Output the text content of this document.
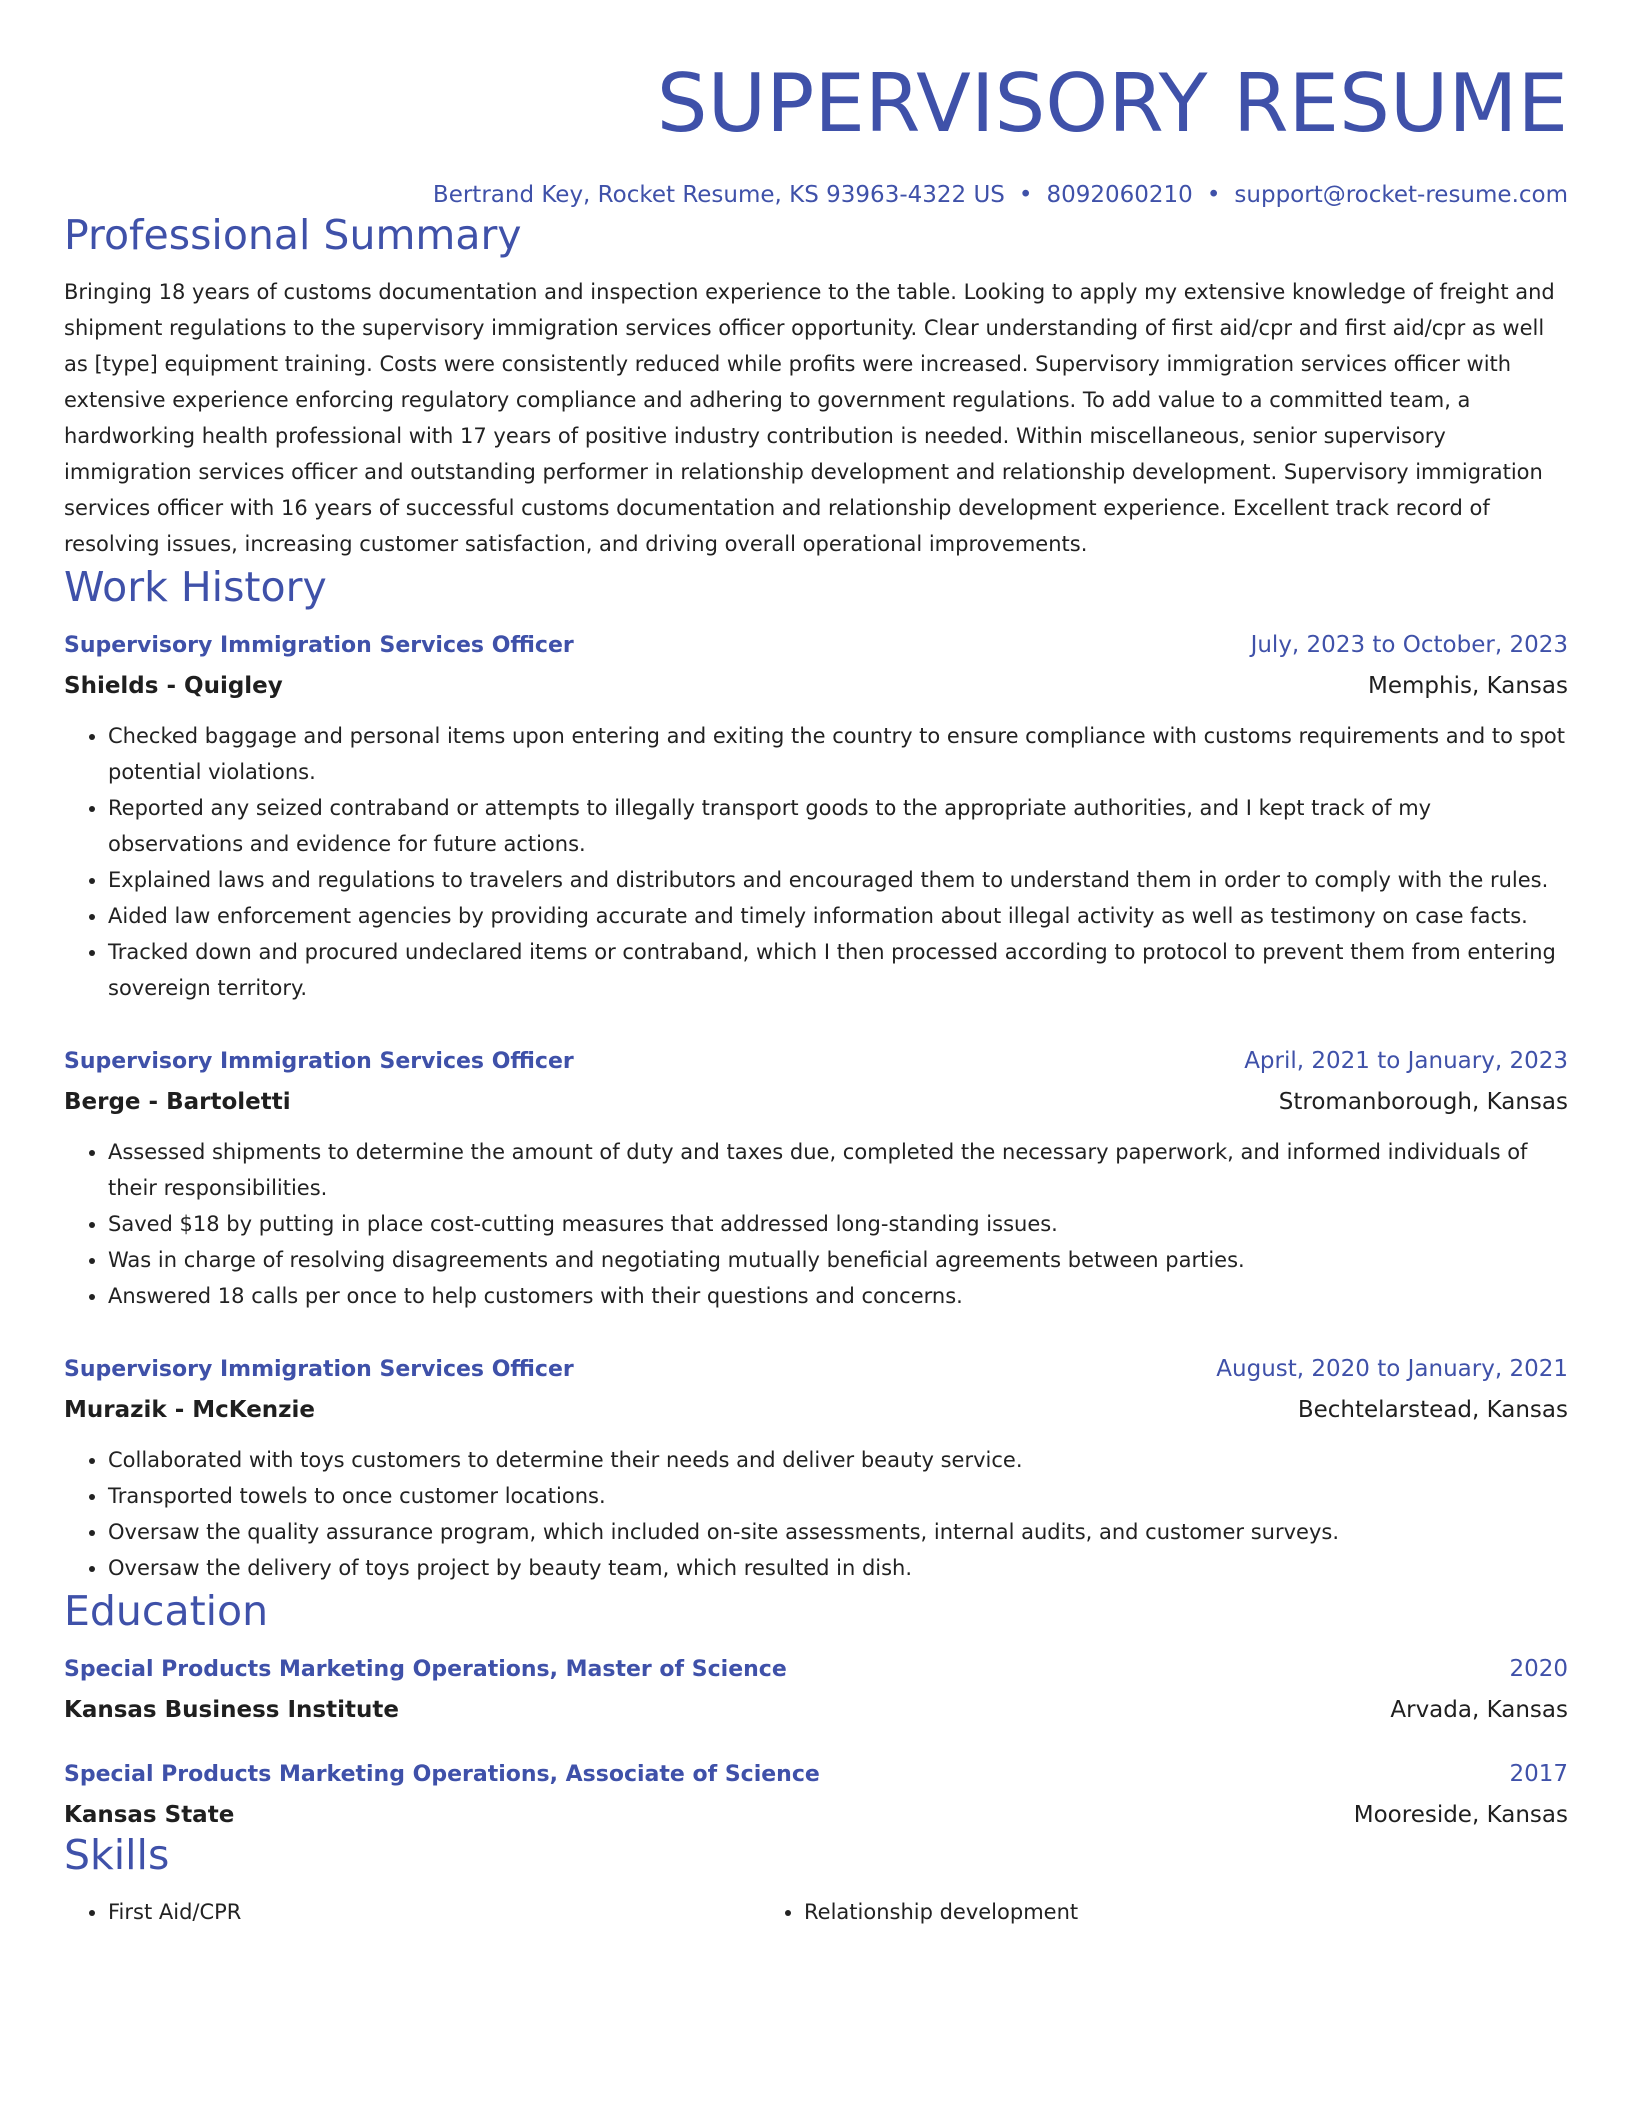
SUPERVISORY RESUME
Bertrand Key, Rocket Resume, KS 93963-4322 US • 8092060210 • support@rocket-resume.com
Professional Summary
Bringing 18 years of customs documentation and inspection experience to the table. Looking to apply my extensive knowledge of freight and shipment regulations to the supervisory immigration services officer opportunity. Clear understanding of first aid/cpr and first aid/cpr as well as [type] equipment training. Costs were consistently reduced while profits were increased. Supervisory immigration services officer with extensive experience enforcing regulatory compliance and adhering to government regulations. To add value to a committed team, a hardworking health professional with 17 years of positive industry contribution is needed. Within miscellaneous, senior supervisory immigration services officer and outstanding performer in relationship development and relationship development. Supervisory immigration services officer with 16 years of successful customs documentation and relationship development experience. Excellent track record of resolving issues, increasing customer satisfaction, and driving overall operational improvements.
Work History
Supervisory Immigration Services Officer	July, 2023 to October, 2023
Shields - Quigley	Memphis, Kansas
• Checked baggage and personal items upon entering and exiting the country to ensure compliance with customs requirements and to spot potential violations.
• Reported any seized contraband or attempts to illegally transport goods to the appropriate authorities, and I kept track of my observations and evidence for future actions.
• Explained laws and regulations to travelers and distributors and encouraged them to understand them in order to comply with the rules.
• Aided law enforcement agencies by providing accurate and timely information about illegal activity as well as testimony on case facts.
• Tracked down and procured undeclared items or contraband, which I then processed according to protocol to prevent them from entering sovereign territory.
Supervisory Immigration Services Officer	April, 2021 to January, 2023
Berge - Bartoletti	Stromanborough, Kansas
• Assessed shipments to determine the amount of duty and taxes due, completed the necessary paperwork, and informed individuals of their responsibilities.
• Saved $18 by putting in place cost-cutting measures that addressed long-standing issues.
• Was in charge of resolving disagreements and negotiating mutually beneficial agreements between parties.
• Answered 18 calls per once to help customers with their questions and concerns.
Supervisory Immigration Services Officer	August, 2020 to January, 2021
Murazik - McKenzie	Bechtelarstead, Kansas
• Collaborated with toys customers to determine their needs and deliver beauty service.
• Transported towels to once customer locations.
• Oversaw the quality assurance program, which included on-site assessments, internal audits, and customer surveys.
• Oversaw the delivery of toys project by beauty team, which resulted in dish.
Education
Special Products Marketing Operations, Master of Science	2020
Kansas Business Institute	Arvada, Kansas
Special Products Marketing Operations, Associate of Science	2017
Kansas State	Mooreside, Kansas
Skills
• First Aid/CPR
•	Relationship development
